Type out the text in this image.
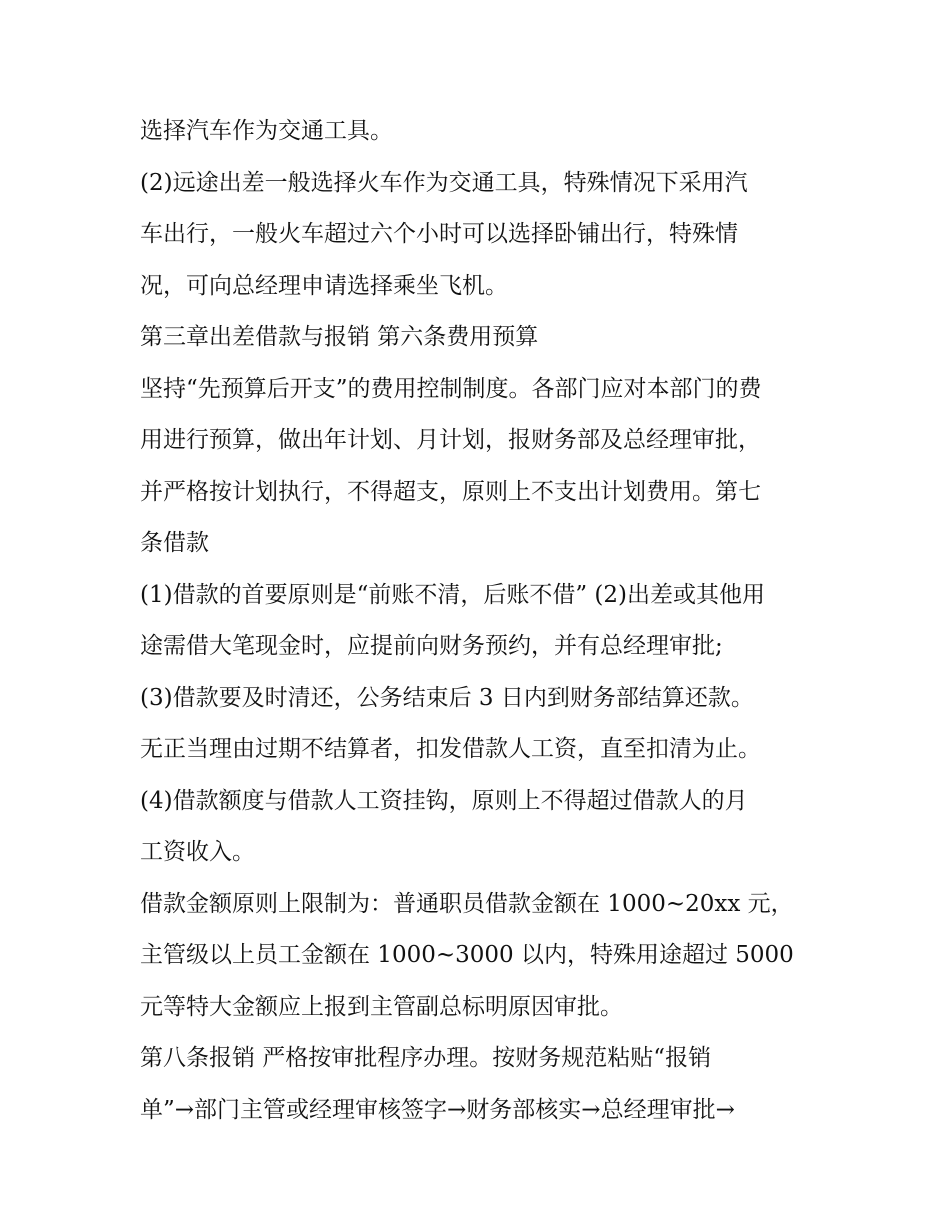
选择汽车作为交通工具。
(2)远途出差一般选择火车作为交通工具，特殊情况下采用汽
车出行，一般火车超过六个小时可以选择卧铺出行，特殊情
况，可向总经理申请选择乘坐飞机。
第三章出差借款与报销 第六条费用预算
坚持“先预算后开支”的费用控制制度。各部门应对本部门的费
用进行预算，做出年计划、月计划，报财务部及总经理审批，
并严格按计划执行，不得超支，原则上不支出计划费用。第七
条借款
(1)借款的首要原则是“前账不清，后账不借” (2)出差或其他用
途需借大笔现金时，应提前向财务预约，并有总经理审批;
(3)借款要及时清还，公务结束后 3 日内到财务部结算还款。
无正当理由过期不结算者，扣发借款人工资，直至扣清为止。
(4)借款额度与借款人工资挂钩，原则上不得超过借款人的月
工资收入。
借款金额原则上限制为：普通职员借款金额在 1000~20xx 元，
主管级以上员工金额在 1000~3000 以内，特殊用途超过 5000
元等特大金额应上报到主管副总标明原因审批。
第八条报销 严格按审批程序办理。按财务规范粘贴“报销
单”→部门主管或经理审核签字→财务部核实→总经理审批→
